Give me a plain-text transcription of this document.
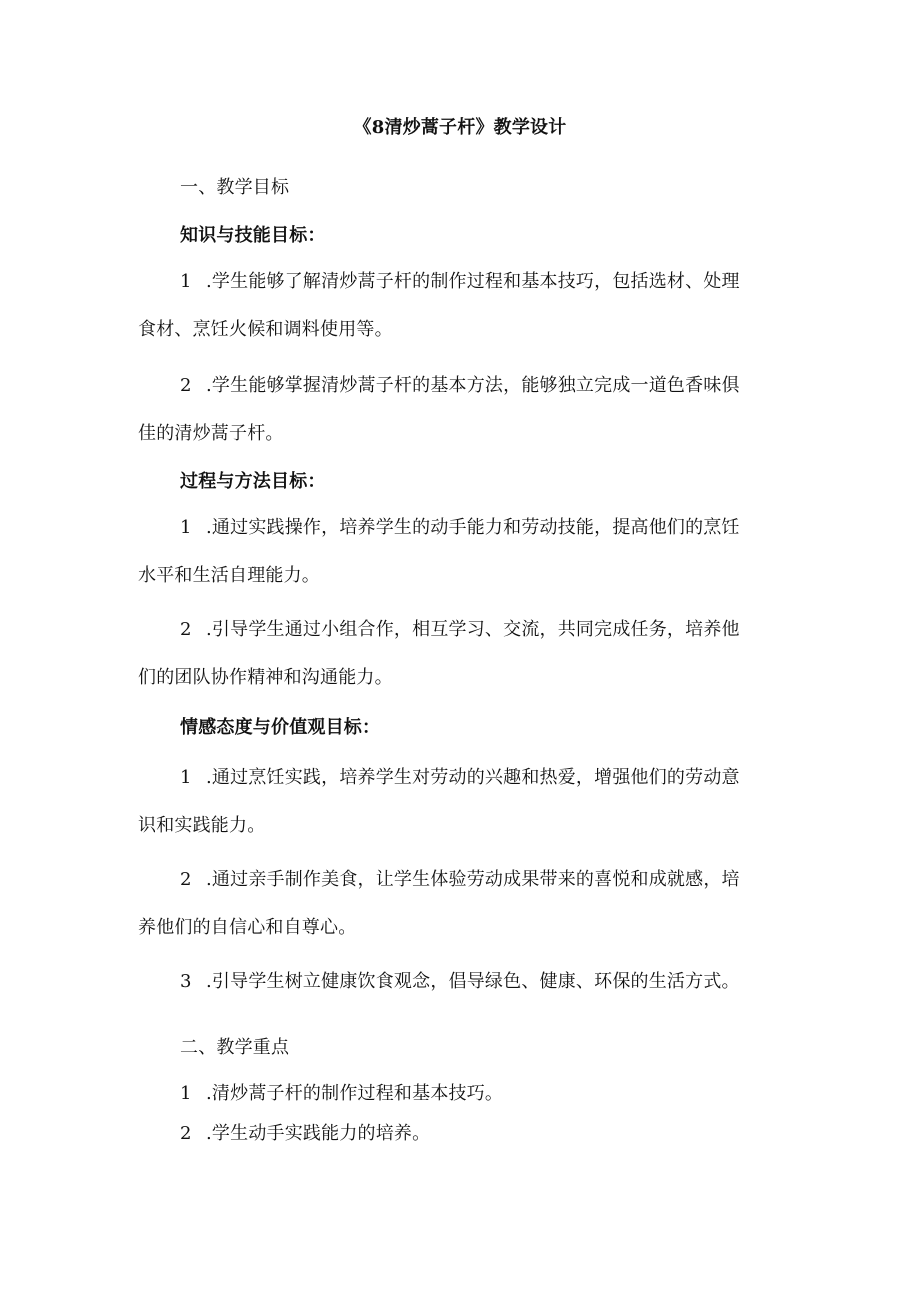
《8清炒蒿子杆》教学设计
一、教学目标
知识与技能目标：
1 .学生能够了解清炒蒿子杆的制作过程和基本技巧，包括选材、处理
食材、烹饪火候和调料使用等。
2 .学生能够掌握清炒蒿子杆的基本方法，能够独立完成一道色香味俱
佳的清炒蒿子杆。
过程与方法目标：
1 .通过实践操作，培养学生的动手能力和劳动技能，提高他们的烹饪
水平和生活自理能力。
2 .引导学生通过小组合作，相互学习、交流，共同完成任务，培养他
们的团队协作精神和沟通能力。
情感态度与价值观目标：
1 .通过烹饪实践，培养学生对劳动的兴趣和热爱，增强他们的劳动意
识和实践能力。
2 .通过亲手制作美食，让学生体验劳动成果带来的喜悦和成就感，培
养他们的自信心和自尊心。
3 .引导学生树立健康饮食观念，倡导绿色、健康、环保的生活方式。
二、教学重点
1 .清炒蒿子杆的制作过程和基本技巧。
2 .学生动手实践能力的培养。
